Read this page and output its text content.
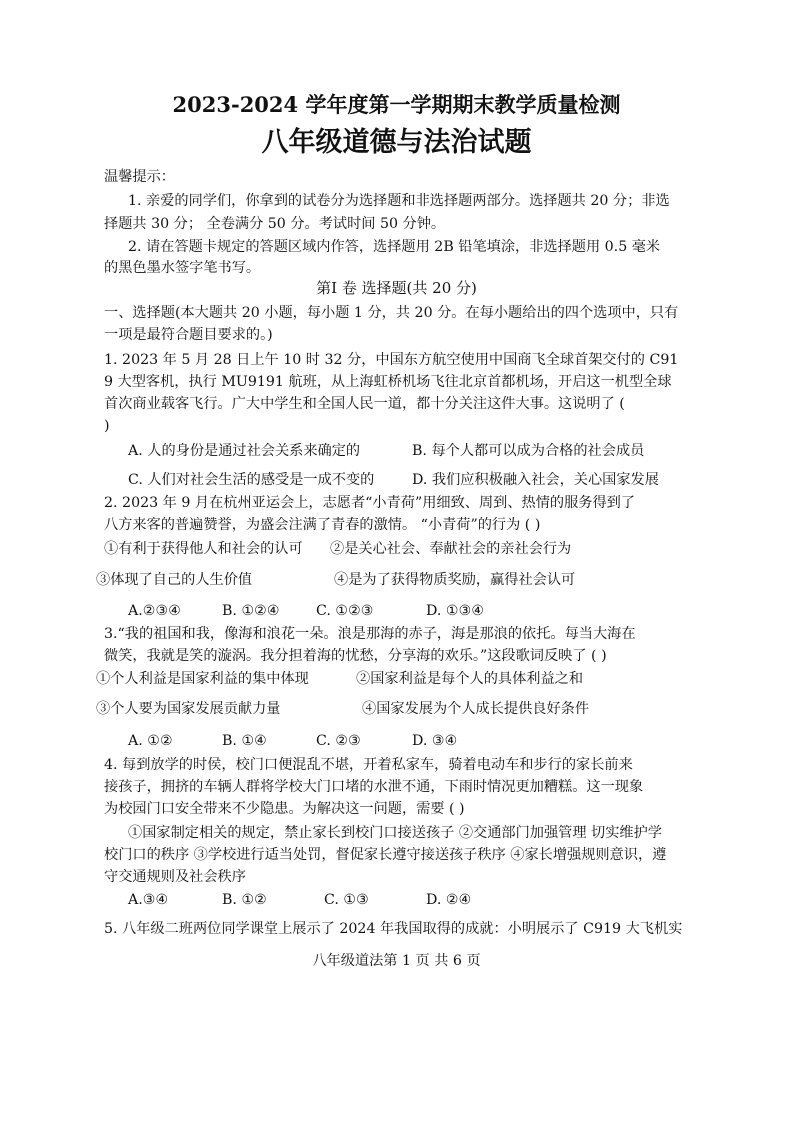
2023-2024 学年度第一学期期末教学质量检测
八年级道德与法治试题
温馨提示：
1. 亲爱的同学们，你拿到的试卷分为选择题和非选择题两部分。选择题共 20 分；非选
择题共 30 分； 全卷满分 50 分。考试时间 50 分钟。
2. 请在答题卡规定的答题区域内作答，选择题用 2B 铅笔填涂，非选择题用 0.5 毫米
的黑色墨水签字笔书写。
第Ⅰ 卷 选择题(共 20 分)
一、选择题(本大题共 20 小题，每小题 1 分，共 20 分。在每小题给出的四个选项中，只有
一项是最符合题目要求的。)
1. 2023 年 5 月 28 日上午 10 时 32 分，中国东方航空使用中国商飞全球首架交付的 C91
9 大型客机，执行 MU9191 航班，从上海虹桥机场飞往北京首都机场，开启这一机型全球
首次商业载客飞行。广大中学生和全国人民一道，都十分关注这件大事。这说明了 (
)
A. 人的身份是通过社会关系来确定的	B. 每个人都可以成为合格的社会成员
C. 人们对社会生活的感受是一成不变的	D. 我们应积极融入社会，关心国家发展
2. 2023 年 9 月在杭州亚运会上，志愿者“小青荷”用细致、周到、热情的服务得到了
八方来客的普遍赞誉，为盛会注满了青春的激情。 “小青荷”的行为 ( )
①有利于获得他人和社会的认可 ②是关心社会、奉献社会的亲社会行为
③体现了自己的人生价值	④是为了获得物质奖励，赢得社会认可
A.②③④	B. ①②④	C. ①②③	D. ①③④
3.“我的祖国和我，像海和浪花一朵。浪是那海的赤子，海是那浪的依托。每当大海在
微笑，我就是笑的漩涡。我分担着海的忧愁，分享海的欢乐。”这段歌词反映了 ( )
①个人利益是国家利益的集中体现	②国家利益是每个人的具体利益之和
③个人要为国家发展贡献力量	④国家发展为个人成长提供良好条件
A. ①②	B. ①④	C. ②③	D. ③④
4. 每到放学的时侯，校门口便混乱不堪，开着私家车，骑着电动车和步行的家长前来
接孩子，拥挤的车辆人群将学校大门口堵的水泄不通，下雨时情况更加糟糕。这一现象
为校园门口安全带来不少隐患。为解决这一问题，需要 ( )
①国家制定相关的规定，禁止家长到校门口接送孩子 ②交通部门加强管理 切实维护学
校门口的秩序 ③学校进行适当处罚，督促家长遵守接送孩子秩序 ④家长增强规则意识，遵
守交通规则及社会秩序
A.③④	B. ①②	C. ①③	D. ②④
5. 八年级二班两位同学课堂上展示了 2024 年我国取得的成就：小明展示了 C919 大飞机实
八年级道法第 1 页 共 6 页
